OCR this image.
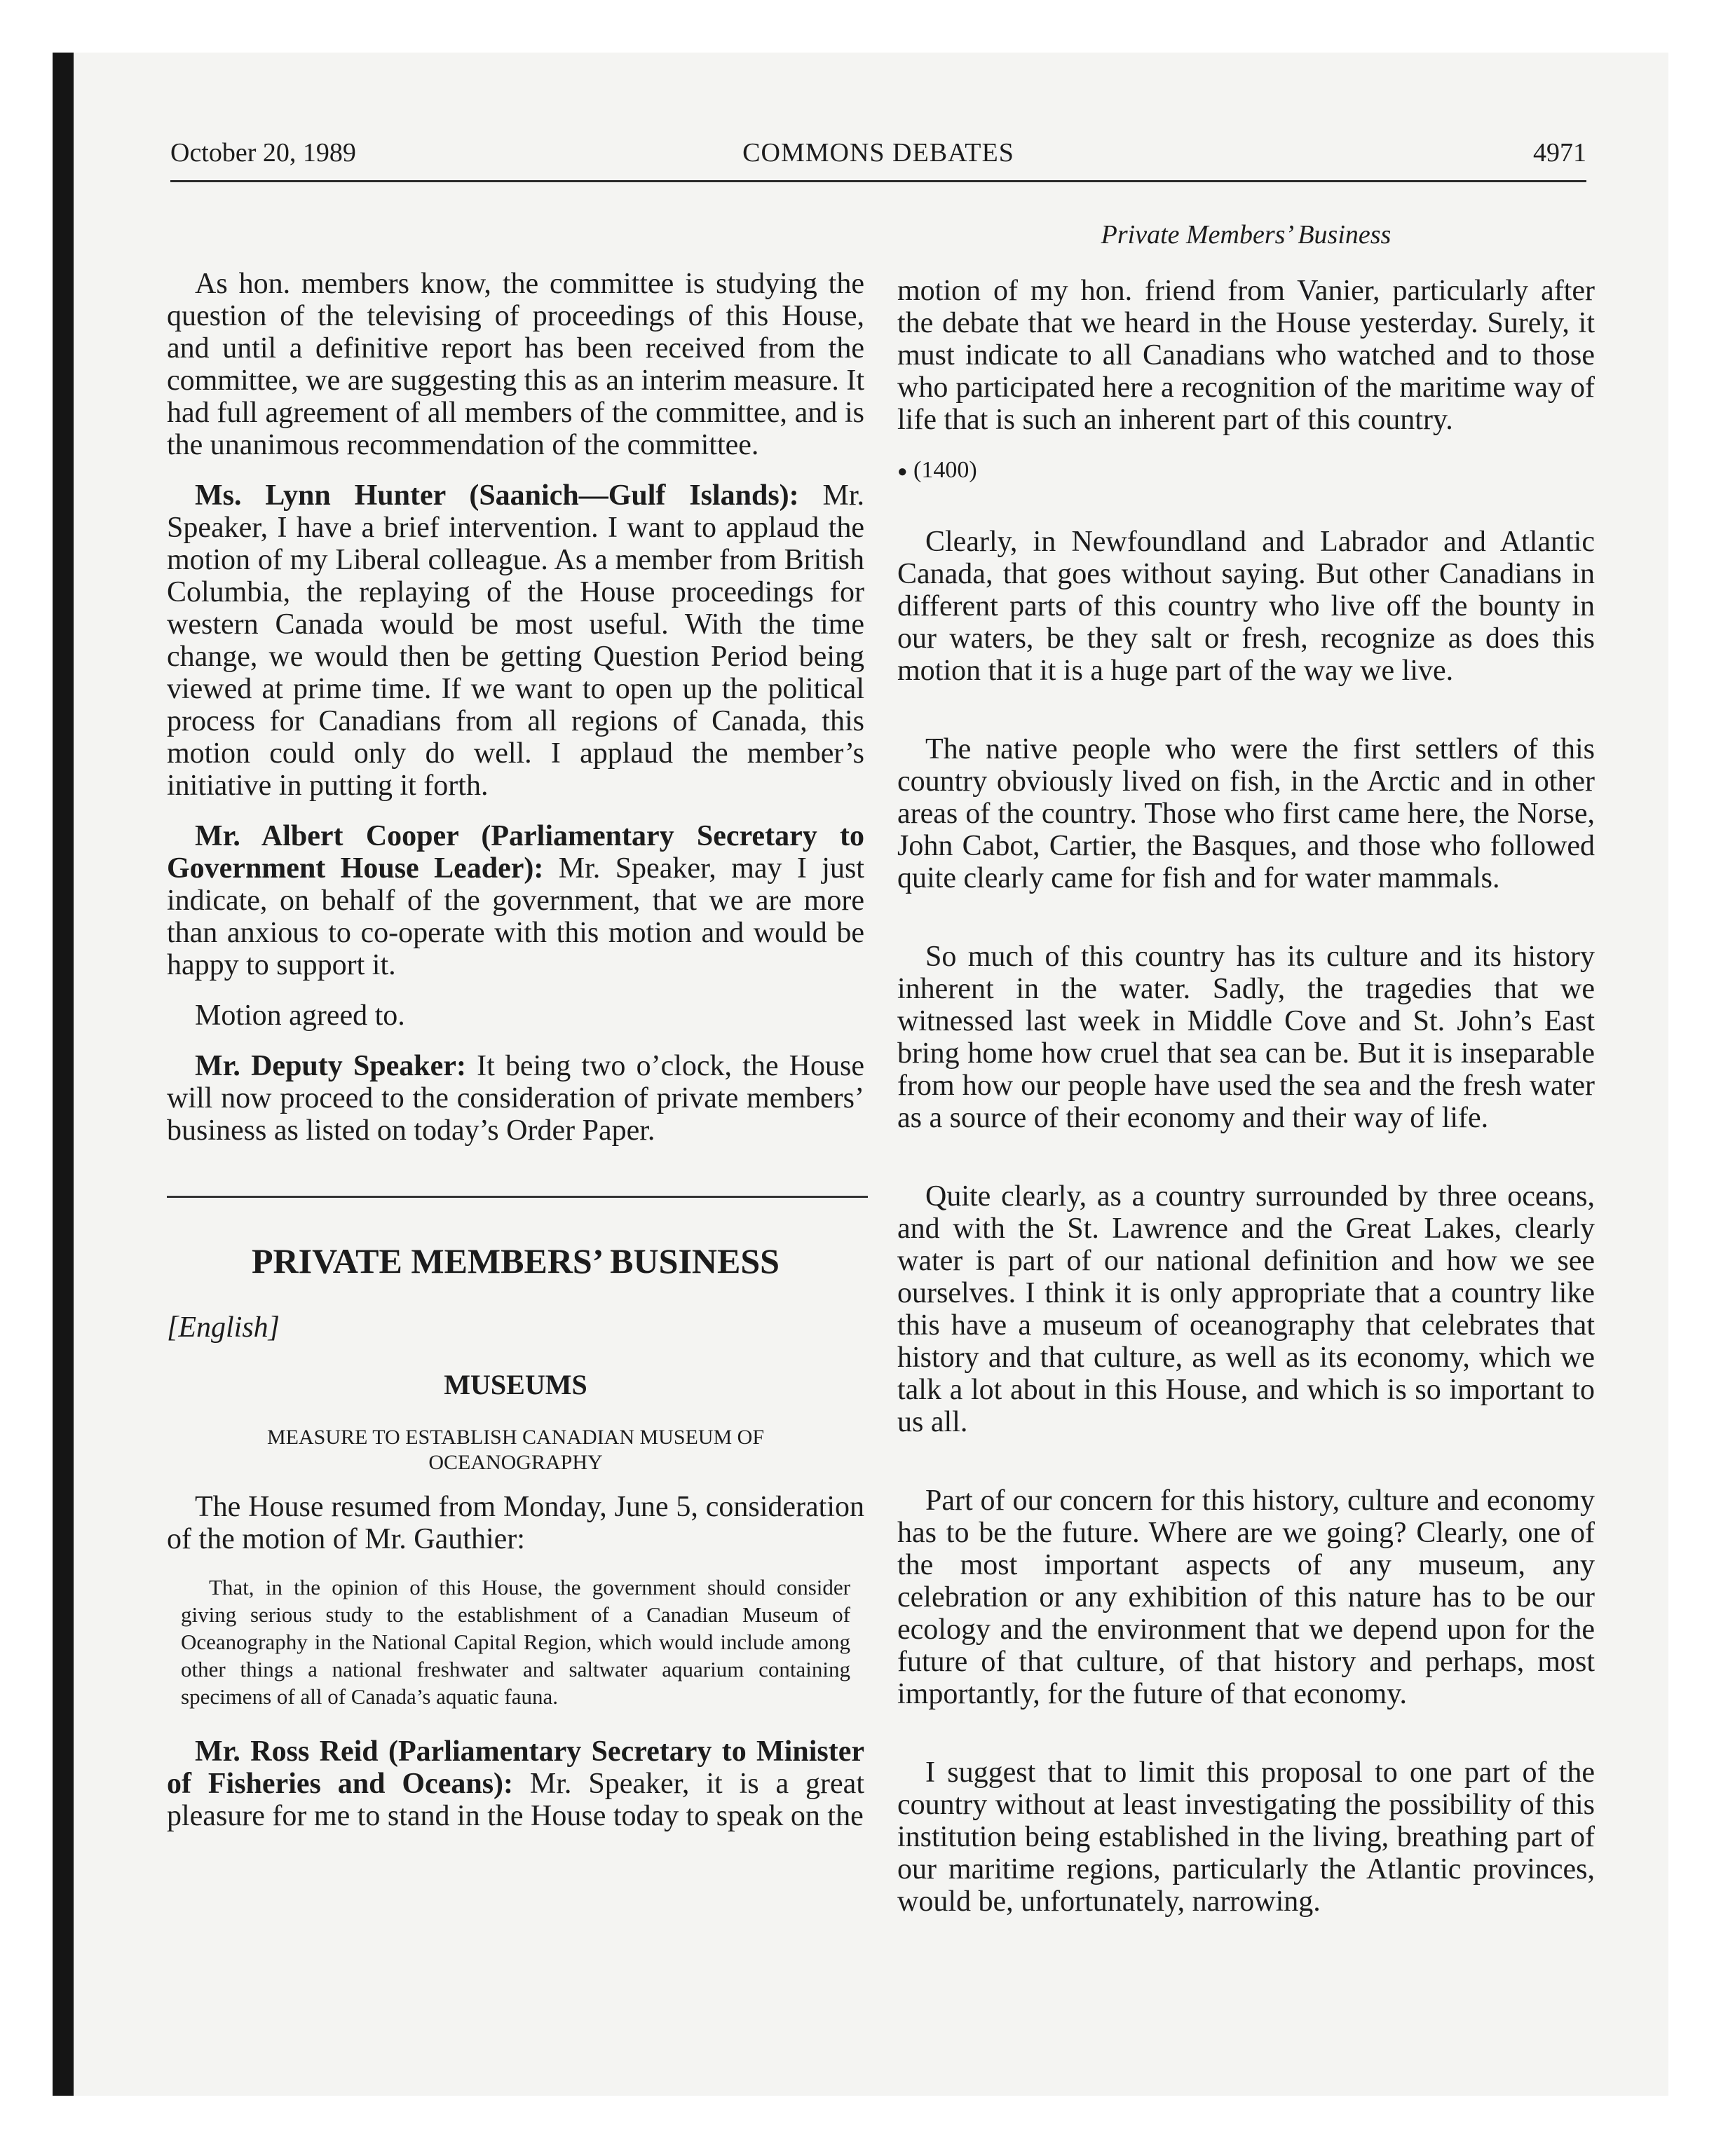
October 20, 1989	COMMONS DEBATES	4971

As hon. members know, the committee is studying the question of the televising of proceedings of this House, and until a definitive report has been received from the committee, we are suggesting this as an interim measure. It had full agreement of all members of the committee, and is the unanimous recommendation of the committee.

Ms. Lynn Hunter (Saanich—Gulf Islands): Mr. Speaker, I have a brief intervention. I want to applaud the motion of my Liberal colleague. As a member from British Columbia, the replaying of the House proceedings for western Canada would be most useful. With the time change, we would then be getting Question Period being viewed at prime time. If we want to open up the political process for Canadians from all regions of Canada, this motion could only do well. I applaud the member’s initiative in putting it forth.

Mr. Albert Cooper (Parliamentary Secretary to Government House Leader): Mr. Speaker, may I just indicate, on behalf of the government, that we are more than anxious to co-operate with this motion and would be happy to support it.

Motion agreed to.

Mr. Deputy Speaker: It being two o’clock, the House will now proceed to the consideration of private members’ business as listed on today’s Order Paper.

PRIVATE MEMBERS’ BUSINESS

[English]

MUSEUMS

MEASURE TO ESTABLISH CANADIAN MUSEUM OF OCEANOGRAPHY

The House resumed from Monday, June 5, consideration of the motion of Mr. Gauthier:

That, in the opinion of this House, the government should consider giving serious study to the establishment of a Canadian Museum of Oceanography in the National Capital Region, which would include among other things a national freshwater and saltwater aquarium containing specimens of all of Canada’s aquatic fauna.

Mr. Ross Reid (Parliamentary Secretary to Minister of Fisheries and Oceans): Mr. Speaker, it is a great pleasure for me to stand in the House today to speak on the

Private Members’ Business

motion of my hon. friend from Vanier, particularly after the debate that we heard in the House yesterday. Surely, it must indicate to all Canadians who watched and to those who participated here a recognition of the maritime way of life that is such an inherent part of this country.

● (1400)

Clearly, in Newfoundland and Labrador and Atlantic Canada, that goes without saying. But other Canadians in different parts of this country who live off the bounty in our waters, be they salt or fresh, recognize as does this motion that it is a huge part of the way we live.

The native people who were the first settlers of this country obviously lived on fish, in the Arctic and in other areas of the country. Those who first came here, the Norse, John Cabot, Cartier, the Basques, and those who followed quite clearly came for fish and for water mammals.

So much of this country has its culture and its history inherent in the water. Sadly, the tragedies that we witnessed last week in Middle Cove and St. John’s East bring home how cruel that sea can be. But it is inseparable from how our people have used the sea and the fresh water as a source of their economy and their way of life.

Quite clearly, as a country surrounded by three oceans, and with the St. Lawrence and the Great Lakes, clearly water is part of our national definition and how we see ourselves. I think it is only appropriate that a country like this have a museum of oceanography that celebrates that history and that culture, as well as its economy, which we talk a lot about in this House, and which is so important to us all.

Part of our concern for this history, culture and economy has to be the future. Where are we going? Clearly, one of the most important aspects of any museum, any celebration or any exhibition of this nature has to be our ecology and the environment that we depend upon for the future of that culture, of that history and perhaps, most importantly, for the future of that economy.

I suggest that to limit this proposal to one part of the country without at least investigating the possibility of this institution being established in the living, breathing part of our maritime regions, particularly the Atlantic provinces, would be, unfortunately, narrowing.
